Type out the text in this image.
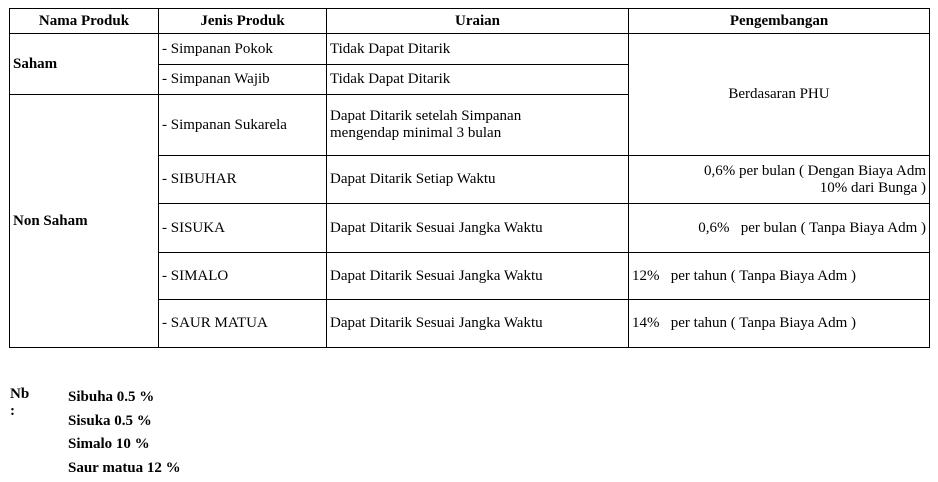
Nama Produk	Jenis Produk	Uraian	Pengembangan
Saham	- Simpanan Pokok	Tidak Dapat Ditarik	Berdasaran PHU
	- Simpanan Wajib	Tidak Dapat Ditarik	
Non Saham	- Simpanan Sukarela	Dapat Ditarik setelah Simpanan
mengendap minimal 3 bulan	

	- SIBUHAR	Dapat Ditarik Setiap Waktu	0,6% per bulan ( Dengan Biaya Adm
10% dari Bunga )

	- SISUKA	Dapat Ditarik Sesuai Jangka Waktu	0,6%   per bulan ( Tanpa Biaya Adm )
	- SIMALO	Dapat Ditarik Sesuai Jangka Waktu	12%   per tahun ( Tanpa Biaya Adm )
	- SAUR MATUA	Dapat Ditarik Sesuai Jangka Waktu	14%   per tahun ( Tanpa Biaya Adm )
Nb :
Sibuha 0.5 %
Sisuka 0.5 %
Simalo 10 %
Saur matua 12 %
